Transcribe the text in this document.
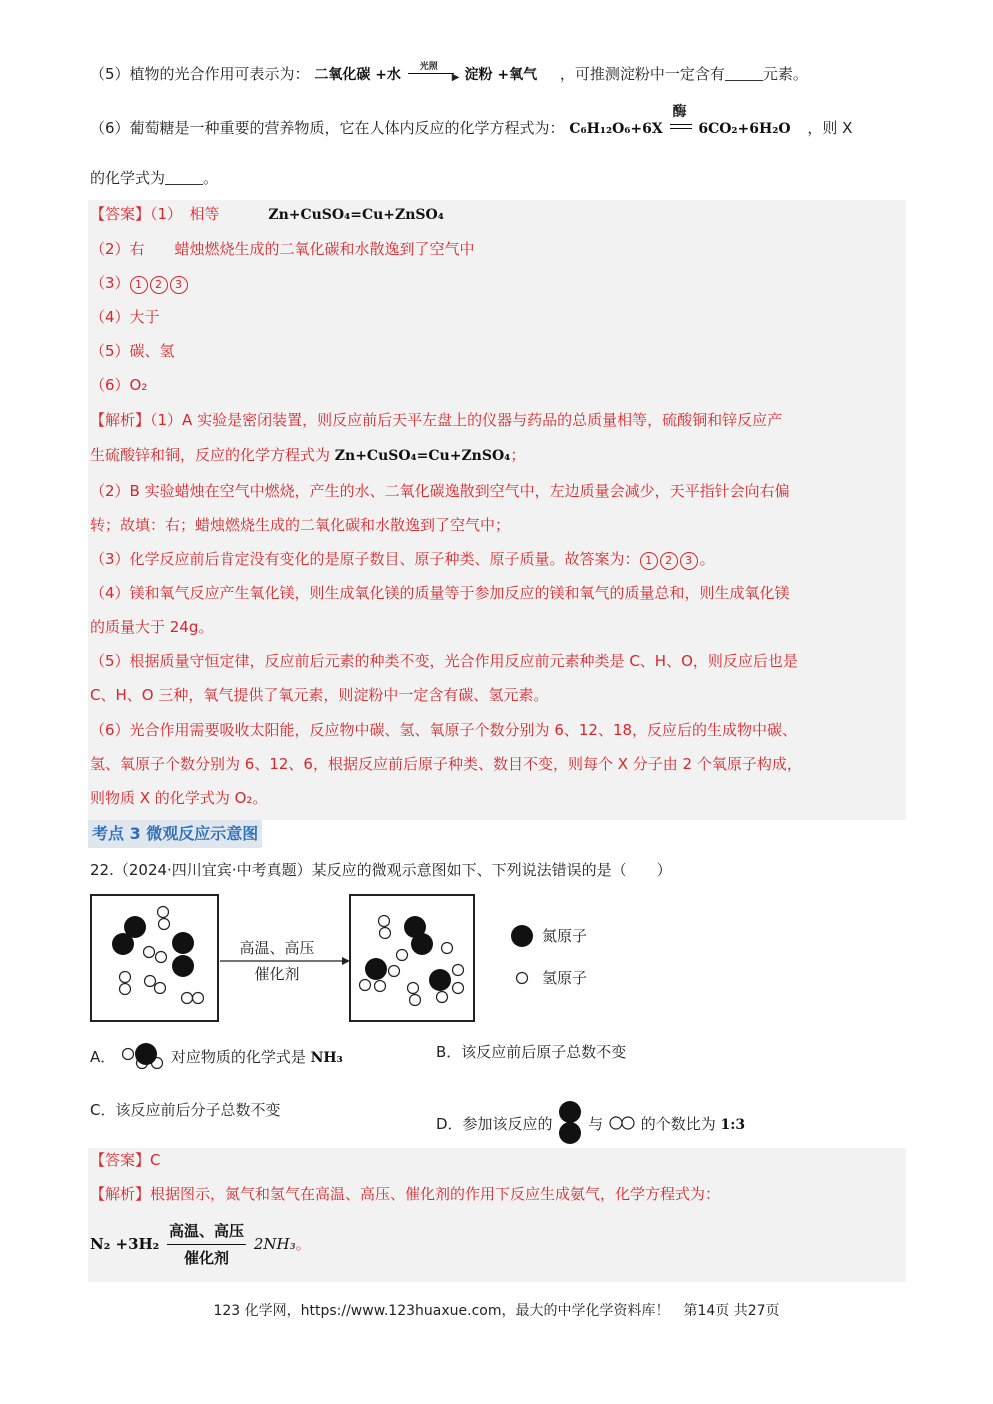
（5）植物的光合作用可表示为： 二氧化碳 +水 光照
▶ 淀粉 +氧气 ，可推测淀粉中一定含有	元素。
（6）葡萄糖是一种重要的营养物质，它在人体内反应的化学方程式为： C₆H₁₂O₆+6X
酶
6CO₂+6H₂O ，则 X
的化学式为	。
【答案】（1）　相等	Zn+CuSO₄=Cu+ZnSO₄
（2）右　　蜡烛燃烧生成的二氧化碳和水散逸到了空气中
（3） 1 2 3
（4）大于
（5）碳、氢
（6）O₂
【解析】（1）A 实验是密闭装置，则反应前后天平左盘上的仪器与药品的总质量相等，硫酸铜和锌反应产
生硫酸锌和铜，反应的化学方程式为 Zn+CuSO₄=Cu+ZnSO₄；
（2）B 实验蜡烛在空气中燃烧，产生的水、二氧化碳逸散到空气中，左边质量会减少，天平指针会向右偏
转；故填：右；蜡烛燃烧生成的二氧化碳和水散逸到了空气中；
（3）化学反应前后肯定没有变化的是原子数目、原子种类、原子质量。故答案为： 1 2 3 。
（4）镁和氧气反应产生氧化镁，则生成氧化镁的质量等于参加反应的镁和氧气的质量总和，则生成氧化镁
的质量大于 24g。
（5）根据质量守恒定律，反应前后元素的种类不变，光合作用反应前元素种类是 C、H、O，则反应后也是
C、H、O 三种，氧气提供了氧元素，则淀粉中一定含有碳、氢元素。
（6）光合作用需要吸收太阳能，反应物中碳、氢、氧原子个数分别为 6、12、18，反应后的生成物中碳、
氢、氧原子个数分别为 6、12、6，根据反应前后原子种类、数目不变，则每个 X 分子由 2 个氧原子构成，
则物质 X 的化学式为 O₂。
考点 3 微观反应示意图
22.（2024·四川宜宾·中考真题）某反应的微观示意图如下、下列说法错误的是（　　）
高温、高压
催化剂
氮原子
氢原子
A．	对应物质的化学式是 NH₃	B．该反应前后原子总数不变
C．该反应前后分子总数不变
D．参加该反应的 与	的个数比为 1:3
【答案】C
【解析】根据图示，氮气和氢气在高温、高压、催化剂的作用下反应生成氨气，化学方程式为：
$N_2 +3H_2 \frac{\text{高温、高压}}{\text{催化剂}} 2NH_3$。
123 化学网，https://www.123huaxue.com，最大的中学化学资料库！　第14页 共27页
